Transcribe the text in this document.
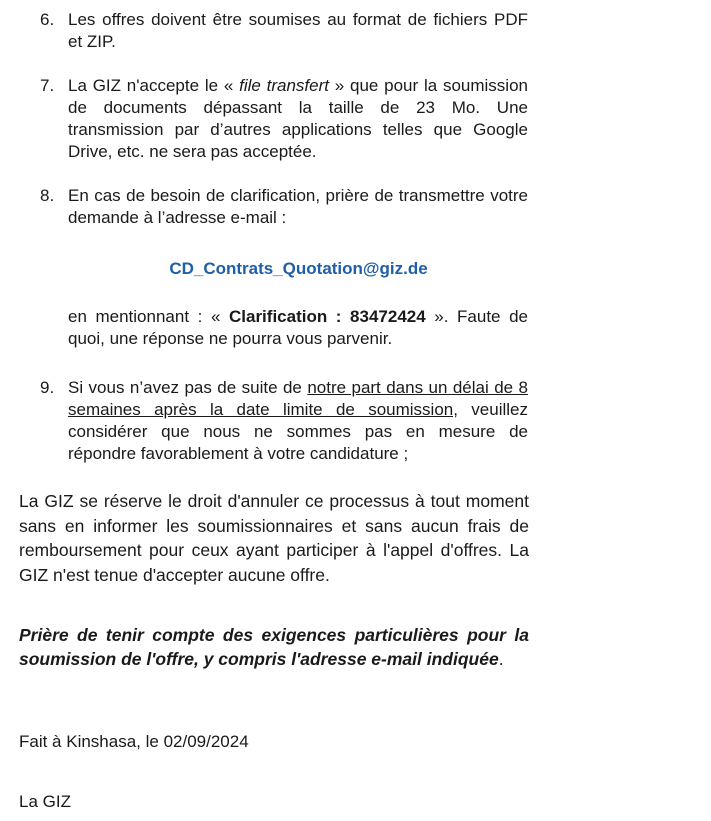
6. Les offres doivent être soumises au format de fichiers PDF et ZIP.

7. La GIZ n'accepte le « file transfert » que pour la soumission de documents dépassant la taille de 23 Mo. Une transmission par d’autres applications telles que Google Drive, etc. ne sera pas acceptée.

8. En cas de besoin de clarification, prière de transmettre votre demande à l’adresse e-mail :

CD_Contrats_Quotation@giz.de

en mentionnant : « Clarification : 83472424 ». Faute de quoi, une réponse ne pourra vous parvenir.

9. Si vous n’avez pas de suite de notre part dans un délai de 8 semaines après la date limite de soumission, veuillez considérer que nous ne sommes pas en mesure de répondre favorablement à votre candidature ;

La GIZ se réserve le droit d'annuler ce processus à tout moment sans en informer les soumissionnaires et sans aucun frais de remboursement pour ceux ayant participer à l'appel d'offres. La GIZ n'est tenue d'accepter aucune offre.
Prière de tenir compte des exigences particulières pour la soumission de l'offre, y compris l'adresse e-mail indiquée.
Fait à Kinshasa, le 02/09/2024
La GIZ
